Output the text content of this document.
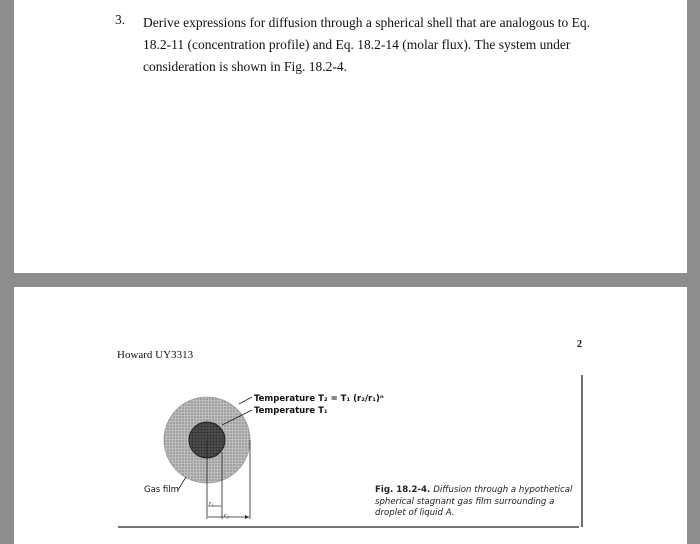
3. Derive expressions for diffusion through a spherical shell that are analogous to Eq. 18.2-11 (concentration profile) and Eq. 18.2-14 (molar flux). The system under consideration is shown in Fig. 18.2-4.
2
Howard UY3313
Temperature T₂ = T₁ (r₂/r₁)ⁿ
Temperature T₁
Gas film
r₁
r₂
Fig. 18.2-4. Diffusion through a hypothetical spherical stagnant gas film surrounding a droplet of liquid A.
